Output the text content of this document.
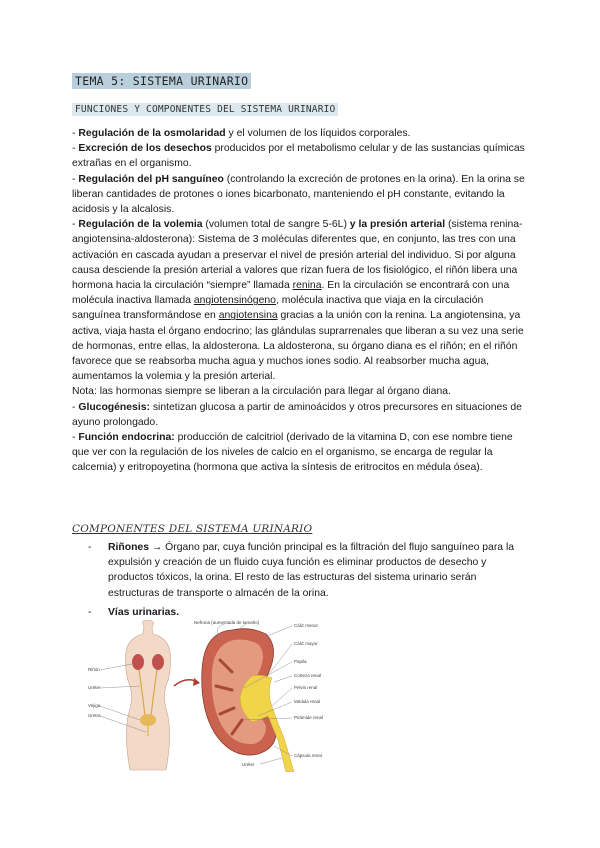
TEMA 5: SISTEMA URINARIO
FUNCIONES Y COMPONENTES DEL SISTEMA URINARIO

- Regulación de la osmolaridad y el volumen de los líquidos corporales.

- Excreción de los desechos producidos por el metabolismo celular y de las sustancias químicas extrañas en el organismo.

- Regulación del pH sanguíneo (controlando la excreción de protones en la orina). En la orina se liberan cantidades de protones o iones bicarbonato, manteniendo el pH constante, evitando la acidosis y la alcalosis.

- Regulación de la volemia (volumen total de sangre 5-6L) y la presión arterial (sistema renina-angiotensina-aldosterona): Sistema de 3 moléculas diferentes que, en conjunto, las tres con una activación en cascada ayudan a preservar el nivel de presión arterial del individuo. Si por alguna causa desciende la presión arterial a valores que rizan fuera de los fisiológico, el riñón libera una hormona hacia la circulación “siempre” llamada renina. En la circulación se encontrará con una molécula inactiva llamada angiotensinógeno, molécula inactiva que viaja en la circulación sanguínea transformándose en angiotensina gracias a la unión con la renina. La angiotensina, ya activa, viaja hasta el órgano endocrino; las glándulas suprarrenales que liberan a su vez una serie de hormonas, entre ellas, la aldosterona. La aldosterona, su órgano diana es el riñón; en el riñón favorece que se reabsorba mucha agua y muchos iones sodio. Al reabsorber mucha agua, aumentamos la volemia y la presión arterial.

Nota: las hormonas siempre se liberan a la circulación para llegar al órgano diana.

- Glucogénesis: sintetizan glucosa a partir de aminoácidos y otros precursores en situaciones de ayuno prolongado.

- Función endocrina: producción de calcitriol (derivado de la vitamina D, con ese nombre tiene que ver con la regulación de los niveles de calcio en el organismo, se encarga de regular la calcemia) y eritropoyetina (hormona que activa la síntesis de eritrocitos en médula ósea).

COMPONENTES DEL SISTEMA URINARIO
- Riñones → Órgano par, cuya función principal es la filtración del flujo sanguíneo para la expulsión y creación de un fluido cuya función es eliminar productos de desecho y productos tóxicos, la orina. El resto de las estructuras del sistema urinario serán estructuras de transporte o almacén de la orina.
- Vías urinarias.
Riñón
Uréter
Vejiga
Uretra
Nefrona (aumentada de tamaño)
Cáliz menor
Cáliz mayor
Papila
Corteza renal
Pelvis renal
Médula renal
Pirámide renal
Cápsula renal
Uréter
